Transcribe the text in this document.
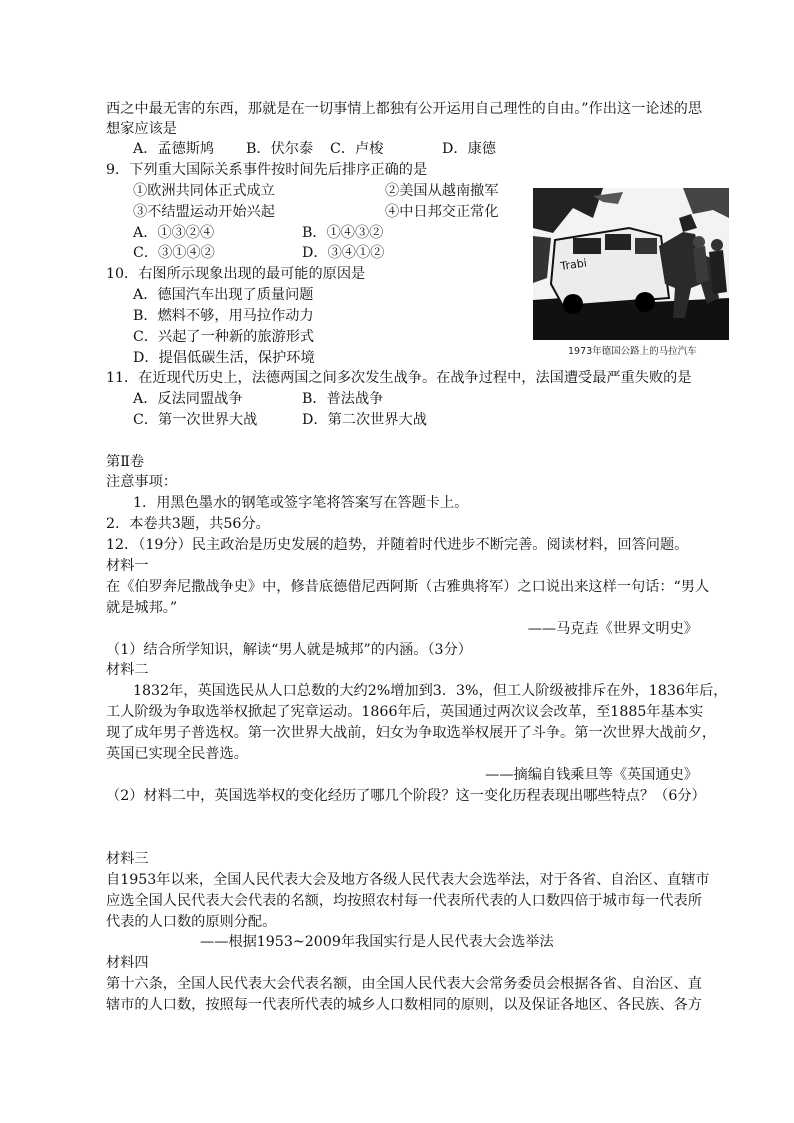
西之中最无害的东西，那就是在一切事情上都独有公开运用自己理性的自由。”作出这一论述的思
想家应该是
A．孟德斯鸠 B．伏尔泰 C．卢梭	D．康德
9．下列重大国际关系事件按时间先后排序正确的是
①欧洲共同体正式成立	②美国从越南撤军
③不结盟运动开始兴起	④中日邦交正常化
A．①③②④	B．①④③②
C．③①④②	D．③④①②
Trabi
1973年德国公路上的马拉汽车
10．右图所示现象出现的最可能的原因是
A．德国汽车出现了质量问题
B．燃料不够，用马拉作动力
C．兴起了一种新的旅游形式
D．提倡低碳生活，保护环境
11．在近现代历史上，法德两国之间多次发生战争。在战争过程中，法国遭受最严重失败的是
A．反法同盟战争	B．普法战争
C．第一次世界大战	D．第二次世界大战
第Ⅱ卷
注意事项：
1．用黑色墨水的钢笔或签字笔将答案写在答题卡上。
2．本卷共3题，共56分。
12．（19分）民主政治是历史发展的趋势，并随着时代进步不断完善。阅读材料，回答问题。
材料一
在《伯罗奔尼撒战争史》中，修昔底德借尼西阿斯（古雅典将军）之口说出来这样一句话：“男人
就是城邦。”
——马克垚《世界文明史》
（1）结合所学知识，解读“男人就是城邦”的内涵。（3分）
材料二
1832年，英国选民从人口总数的大约2%增加到3．3%，但工人阶级被排斥在外，1836年后，
工人阶级为争取选举权掀起了宪章运动。1866年后，英国通过两次议会改革，至1885年基本实
现了成年男子普选权。第一次世界大战前，妇女为争取选举权展开了斗争。第一次世界大战前夕，
英国已实现全民普选。
——摘编自钱乘旦等《英国通史》
（2）材料二中，英国选举权的变化经历了哪几个阶段？这一变化历程表现出哪些特点？（6分）
材料三
自1953年以来，全国人民代表大会及地方各级人民代表大会选举法，对于各省、自治区、直辖市
应选全国人民代表大会代表的名额，均按照农村每一代表所代表的人口数四倍于城市每一代表所
代表的人口数的原则分配。
——根据1953~2009年我国实行是人民代表大会选举法
材料四
第十六条，全国人民代表大会代表名额，由全国人民代表大会常务委员会根据各省、自治区、直
辖市的人口数，按照每一代表所代表的城乡人口数相同的原则，以及保证各地区、各民族、各方
